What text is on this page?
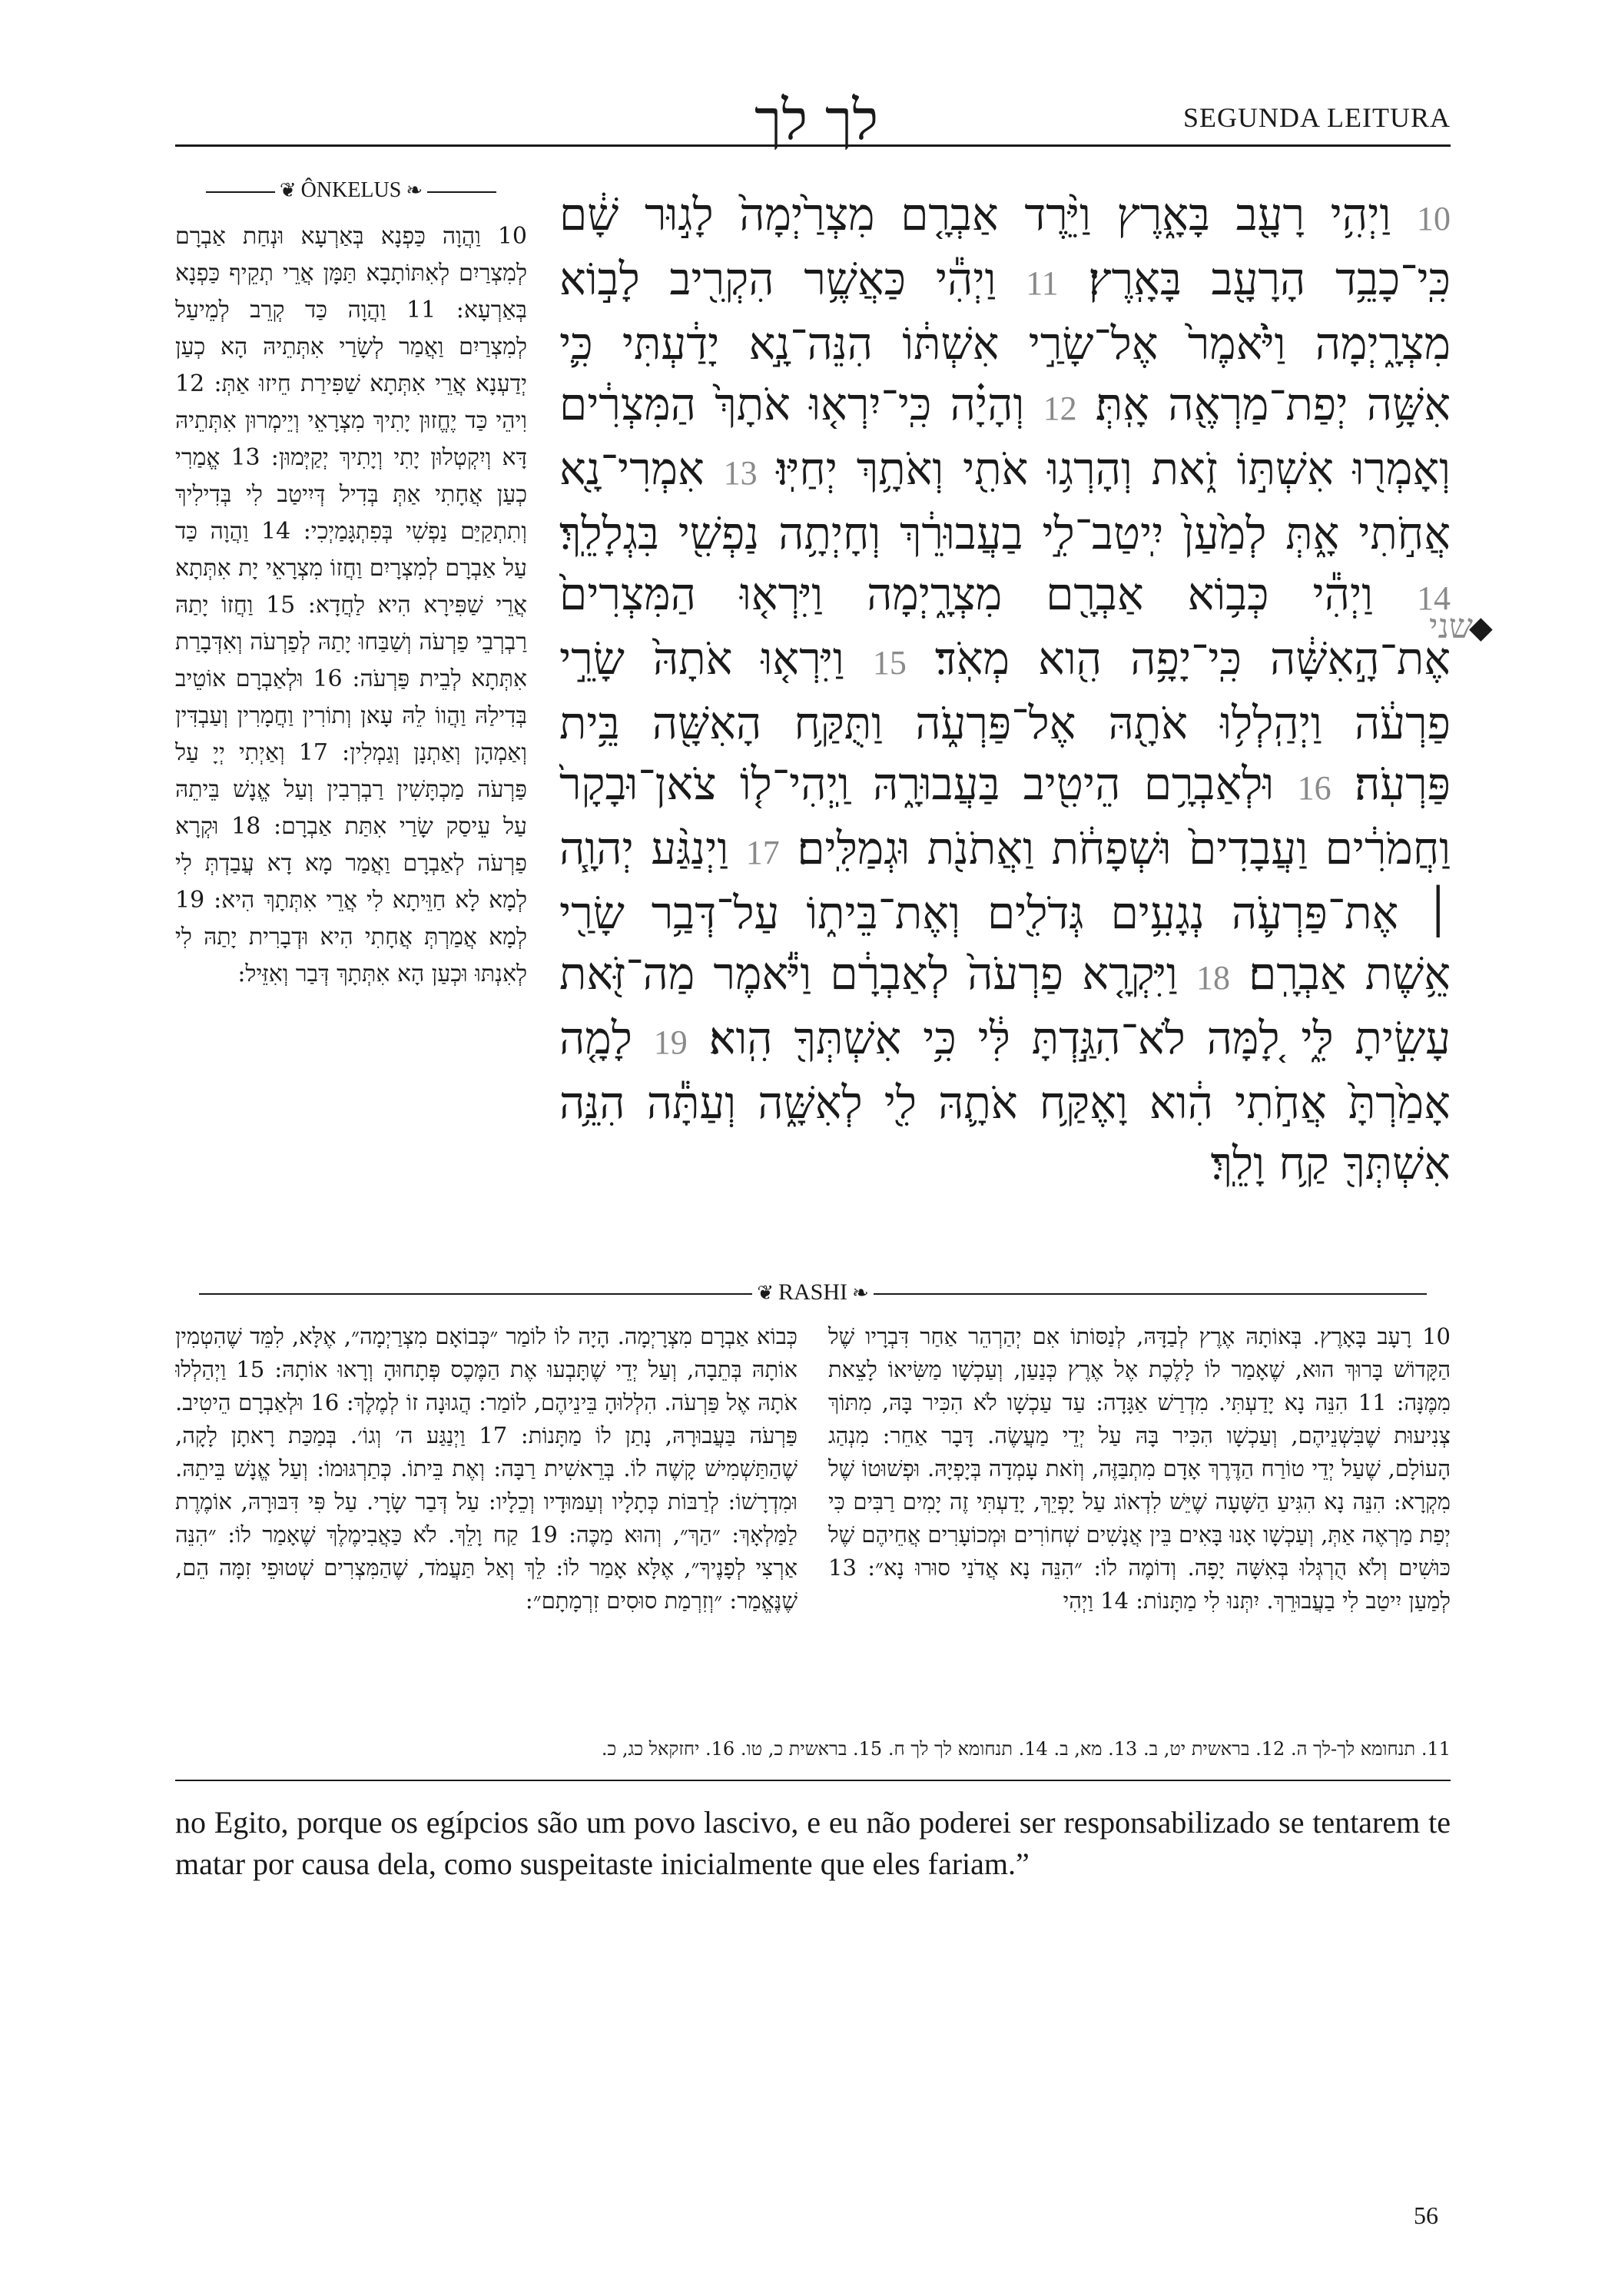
לך לך	SEGUNDA LEITURA
❦ ÔNKELUS ❧
10 וַהֲוָה כַּפְנָא בְּאַרְעָא וּנְחַת אַבְרָם לְמִצְרַיִם לְאִתּוֹתָבָא תַּמָּן אֲרֵי תְקֵיף כַּפְנָא בְּאַרְעָא: 11 וַהֲוָה כַּד קְרֵב לְמֵיעַל לְמִצְרַיִם וַאֲמַר לְשָׂרַי אִתְּתֵיהּ הָא כְעַן יְדַעְנָא אֲרֵי אִתְּתָא שַׁפִּירַת חֵיזוּ אַתְּ: 12 וִיהֵי כַּד יֶחֱזוּן יָתִיךְ מִצְרָאֵי וְיֵימְרוּן אִתְּתֵיהּ דָּא וְיִקְטְלוּן יָתִי וְיָתִיךְ יְקַיְּמוּן: 13 אֱמַרִי כְעַן אֲחָתִי אַתְּ בְּדִיל דְּיִיטַב לִי בְּדִילִיךְ וְתִתְקַיַּם נַפְשִׁי בְּפִתְגָּמַיְכִי: 14 וַהֲוָה כַּד עַל אַבְרָם לְמִצְרָיִם וַחֲזוֹ מִצְרָאֵי יָת אִתְּתָא אֲרֵי שַׁפִּירָא הִיא לַחֲדָא: 15 וַחֲזוֹ יָתַהּ רַבְרְבֵי פַרְעֹה וְשַׁבַּחוּ יָתַהּ לְפַרְעֹה וְאִדְּבָרַת אִתְּתָא לְבֵית פַּרְעֹה: 16 וּלְאַבְרָם אוֹטֵיב בְּדִילַהּ וַהֲווֹ לֵהּ עָאן וְתוֹרִין וַחֲמָרִין וְעַבְדִּין וְאַמְהָן וְאַתְנָן וְגַמְלִין: 17 וְאַיְתִי יְיָ עַל פַּרְעֹה מַכְתָּשִׁין רַבְרְבִין וְעַל אֱנָשׁ בֵּיתֵהּ עַל עֵיסַק שָׂרַי אִתַּת אַבְרָם: 18 וּקְרָא פַרְעֹה לְאַבְרָם וַאֲמַר מָא דָא עֲבַדְתְּ לִי לְמָא לָא חַוֵּיתָא לִי אֲרֵי אִתְּתָךְ הִיא: 19 לְמָא אֲמַרְתְּ אֲחָתִי הִיא וּדְבָרִית יָתַהּ לִי לְאִנְתּוּ וּכְעַן הָא אִתְּתָךְ דְּבַר וְאִזֵּיל:
שני
◆
10 וַיְהִ֥י רָעָ֖ב בָּאָ֑רֶץ וַיֵּ֨רֶד אַבְרָ֤ם מִצְרַ֙יְמָה֙ לָג֣וּר שָׁ֔ם כִּֽי־כָבֵ֥ד הָרָעָ֖ב בָּאָֽרֶץ׃ 11 וַיְהִ֕י כַּאֲשֶׁ֥ר הִקְרִ֖יב לָב֣וֹא מִצְרָ֑יְמָה וַיֹּ֙אמֶר֙ אֶל־שָׂרַ֣י אִשְׁתּ֔וֹ הִנֵּה־נָ֣א יָדַ֔עְתִּי כִּ֛י אִשָּׁ֥ה יְפַת־מַרְאֶ֖ה אָֽתְּ׃ 12 וְהָיָ֗ה כִּֽי־יִרְא֤וּ אֹתָךְ֙ הַמִּצְרִ֔ים וְאָמְר֖וּ אִשְׁתּ֣וֹ זֹ֑את וְהָרְג֥וּ אֹתִ֖י וְאֹתָ֥ךְ יְחַיּֽוּ׃ 13 אִמְרִי־נָ֖א אֲחֹ֣תִי אָ֑תְּ לְמַ֙עַן֙ יִֽיטַב־לִ֣י בַעֲבוּרֵ֔ךְ וְחָיְתָ֥ה נַפְשִׁ֖י בִּגְלָלֵֽךְ׃ 14 וַיְהִ֕י כְּב֥וֹא אַבְרָ֖ם מִצְרָ֑יְמָה וַיִּרְא֤וּ הַמִּצְרִים֙ אֶת־הָ֣אִשָּׁ֔ה כִּֽי־יָפָ֥ה הִ֖וא מְאֹֽד׃ 15 וַיִּרְא֤וּ אֹתָהּ֙ שָׂרֵ֣י פַרְעֹ֔ה וַיְהַֽלְל֥וּ אֹתָ֖הּ אֶל־פַּרְעֹ֑ה וַתֻּקַּ֥ח הָאִשָּׁ֖ה בֵּ֥ית פַּרְעֹֽה׃ 16 וּלְאַבְרָ֥ם הֵיטִ֖יב בַּעֲבוּרָ֑הּ וַֽיְהִי־ל֤וֹ צֹאן־וּבָקָר֙ וַחֲמֹרִ֔ים וַעֲבָדִים֙ וּשְׁפָחֹ֔ת וַאֲתֹנֹ֖ת וּגְמַלִּֽים׃ 17 וַיְנַגַּ֨ע יְהוָ֧ה ׀ אֶת־פַּרְעֹ֛ה נְגָעִ֥ים גְּדֹלִ֖ים וְאֶת־בֵּית֑וֹ עַל־דְּבַ֥ר שָׂרַ֖י אֵ֥שֶׁת אַבְרָֽם׃ 18 וַיִּקְרָ֤א פַרְעֹה֙ לְאַבְרָ֔ם וַיֹּ֕אמֶר מַה־זֹּ֖את עָשִׂ֣יתָ לִּ֑י לָ֚מָּה לֹא־הִגַּ֣דְתָּ לִּ֔י כִּ֥י אִשְׁתְּךָ֖ הִֽוא׃ 19 לָמָ֤ה אָמַ֙רְתָּ֙ אֲחֹ֣תִי הִ֔וא וָאֶקַּ֥ח אֹתָ֛הּ לִ֖י לְאִשָּׁ֑ה וְעַתָּ֕ה הִנֵּ֥ה אִשְׁתְּךָ֖ קַ֥ח וָלֵֽךְ׃
❦ RASHI ❧
10 רָעָב בָּאָרֶץ. בְּאוֹתָהּ אֶרֶץ לְבַדָּהּ, לְנַסּוֹתוֹ אִם יְהַרְהֵר אַחַר דִּבְרָיו שֶׁל הַקָּדוֹשׁ בָּרוּךְ הוּא, שֶׁאָמַר לוֹ לָלֶכֶת אֶל אֶרֶץ כְּנַעַן, וְעַכְשָׁו מַשִּׂיאוֹ לָצֵאת מִמֶּנָּה: 11 הִנֵּה נָא יָדַעְתִּי. מִדְרַשׁ אַגָּדָה: עַד עַכְשָׁו לֹא הִכִּיר בָּהּ, מִתּוֹךְ צְנִיעוּת שֶׁבִּשְׁנֵיהֶם, וְעַכְשָׁו הִכִּיר בָּהּ עַל יְדֵי מַעֲשֶׂה. דָּבָר אַחֵר: מִנְהַג הָעוֹלָם, שֶׁעַל יְדֵי טוֹרַח הַדֶּרֶךְ אָדָם מִתְבַּזֶּה, וְזֹאת עָמְדָה בְּיָפְיָהּ. וּפְשׁוּטוֹ שֶׁל מִקְרָא: הִנֵּה נָא הִגִּיעַ הַשָּׁעָה שֶׁיֵּשׁ לִדְאוֹג עַל יָפְיֵךְ, יָדַעְתִּי זֶה יָמִים רַבִּים כִּי יְפַת מַרְאֶה אַתְּ, וְעַכְשָׁו אָנוּ בָּאִים בֵּין אֲנָשִׁים שְׁחוֹרִים וּמְכוֹעָרִים אֲחֵיהֶם שֶׁל כּוּשִׁים וְלֹא הֻרְגְּלוּ בְּאִשָּׁה יָפָה. וְדוֹמֶה לוֹ: ״הִנֵּה נָא אֲדֹנַי סוּרוּ נָא״: 13 לְמַעַן יִיטַב לִי בַעֲבוּרֵךְ. יִתְּנוּ לִי מַתָּנוֹת: 14 וַיְהִי
כְּבוֹא אַבְרָם מִצְרָיְמָה. הָיָה לוֹ לוֹמַר ״כְּבוֹאָם מִצְרַיְמָה״, אֶלָּא, לִמֵּד שֶׁהִטְמִין אוֹתָהּ בְּתֵבָה, וְעַל יְדֵי שֶׁתָּבְעוּ אֶת הַמֶּכֶס פְּתָחוּהָ וְרָאוּ אוֹתָהּ: 15 וַיְהַלְלוּ אֹתָהּ אֶל פַּרְעֹה. הִלְלוּהָ בֵּינֵיהֶם, לוֹמַר: הֲגוּנָה זוֹ לְמֶלֶךְ: 16 וּלְאַבְרָם הֵיטִיב. פַּרְעֹה בַּעֲבוּרָהּ, נָתַן לוֹ מַתָּנוֹת: 17 וַיְנַגַּע ה׳ וְגוֹ׳. בְּמַכַּת רָאתָן לָקָה, שֶׁהַתַּשְׁמִישׁ קָשֶׁה לוֹ. בְּרֵאשִׁית רַבָּה: וְאֶת בֵּיתוֹ. כְּתַרְגּוּמוֹ: וְעַל אֱנָשׁ בֵּיתֵהּ. וּמִדְרָשׁוֹ: לְרַבּוֹת כְּתָלָיו וְעַמּוּדָיו וְכֵלָיו: עַל דְּבַר שָׂרָי. עַל פִּי דִּבּוּרָהּ, אוֹמֶרֶת לַמַּלְאָךְ: ״הַךְ״, וְהוּא מַכֶּה: 19 קַח וָלֵךְ. לֹא כַּאֲבִימֶלֶךְ שֶׁאָמַר לוֹ: ״הִנֵּה אַרְצִי לְפָנֶיךָ״, אֶלָּא אָמַר לוֹ: לֵךְ וְאַל תַּעֲמֹד, שֶׁהַמִּצְרִים שְׁטוּפֵי זִמָּה הֵם, שֶׁנֶּאֱמַר: ״וְזִרְמַת סוּסִים זִרְמָתָם״:
11. תנחומא לך-לך ה. 12. בראשית יט, ב. 13. מא, ב. 14. תנחומא לך לך ח. 15. בראשית כ, טו. 16. יחזקאל כג, כ.
no Egito, porque os egípcios são um povo lascivo, e eu não poderei ser responsabilizado se tentarem te matar por causa dela, como suspeitaste inicialmente que eles fariam.”
56
